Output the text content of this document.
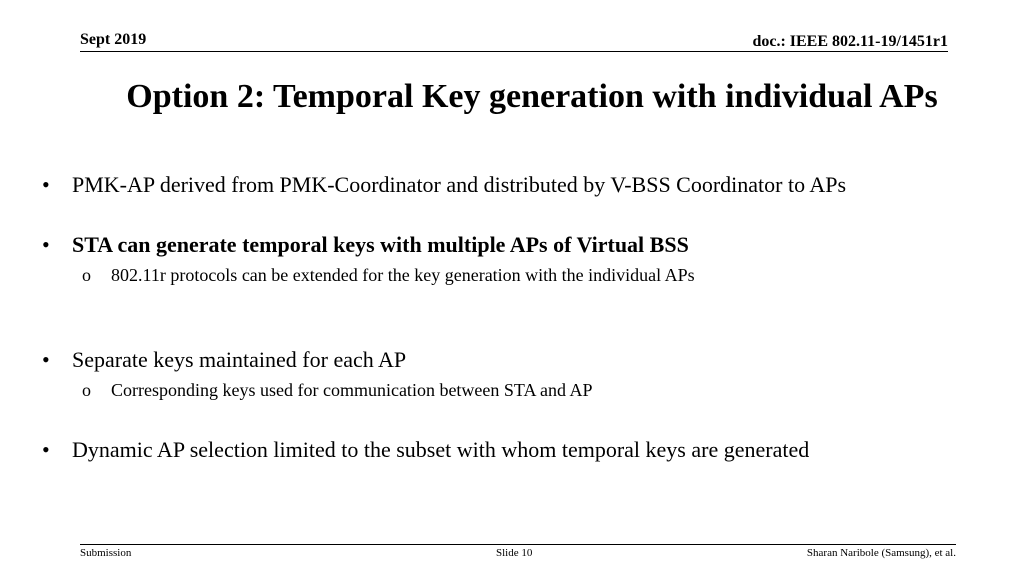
Sept 2019	doc.: IEEE 802.11-19/1451r1
Option 2: Temporal Key generation with individual APs
• PMK-AP derived from PMK-Coordinator and distributed by V-BSS Coordinator to APs
• STA can generate temporal keys with multiple APs of Virtual BSS
o 802.11r protocols can be extended for the key generation with the individual APs
• Separate keys maintained for each AP
o Corresponding keys used for communication between STA and AP
• Dynamic AP selection limited to the subset with whom temporal keys are generated
Submission	Slide 10	Sharan Naribole (Samsung), et al.
